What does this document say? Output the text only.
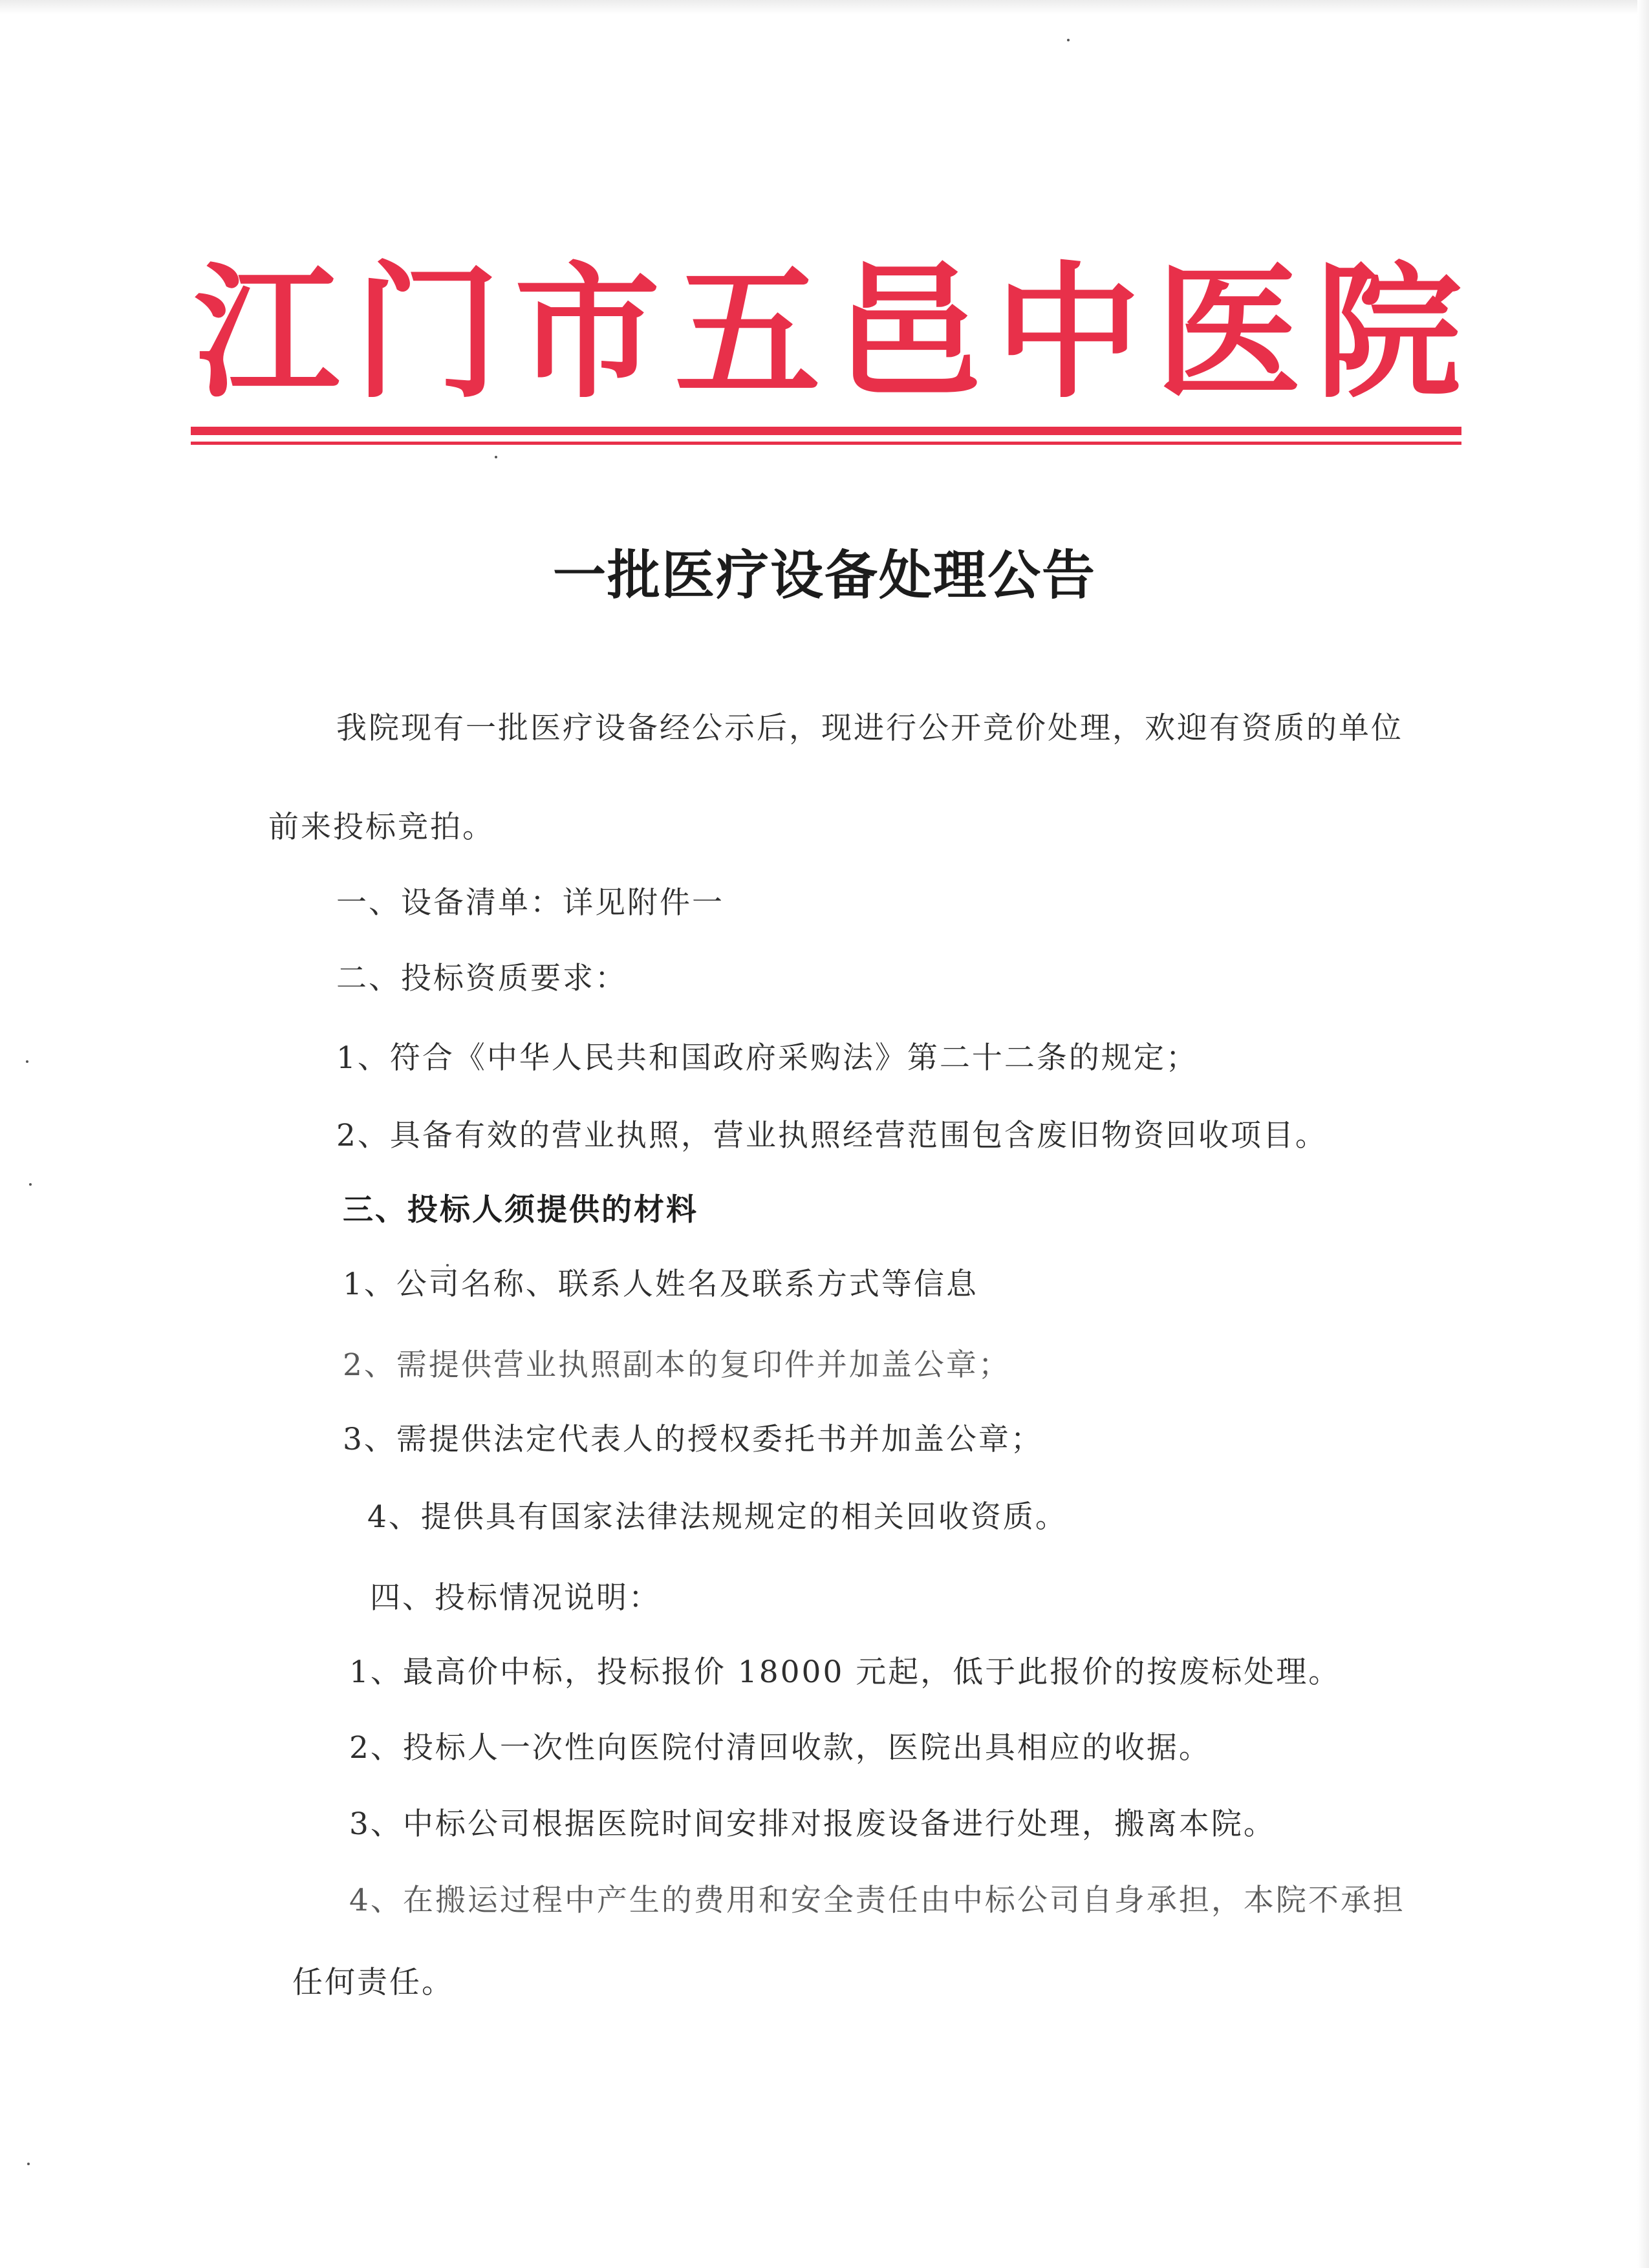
江 门 市 五 邑 中 医 院
一批医疗设备处理公告
我院现有一批医疗设备经公示后，现进行公开竞价处理，欢迎有资质的单位
前来投标竞拍。
一、设备清单：详见附件一
二、投标资质要求：
1、符合《中华人民共和国政府采购法》第二十二条的规定；
2、具备有效的营业执照，营业执照经营范围包含废旧物资回收项目。
三、投标人须提供的材料
1、公司名称、联系人姓名及联系方式等信息
2、需提供营业执照副本的复印件并加盖公章；
3、需提供法定代表人的授权委托书并加盖公章；
4、提供具有国家法律法规规定的相关回收资质。
四、投标情况说明：
1、最高价中标，投标报价 18000 元起，低于此报价的按废标处理。
2、投标人一次性向医院付清回收款，医院出具相应的收据。
3、中标公司根据医院时间安排对报废设备进行处理，搬离本院。
4、在搬运过程中产生的费用和安全责任由中标公司自身承担，本院不承担
任何责任。
